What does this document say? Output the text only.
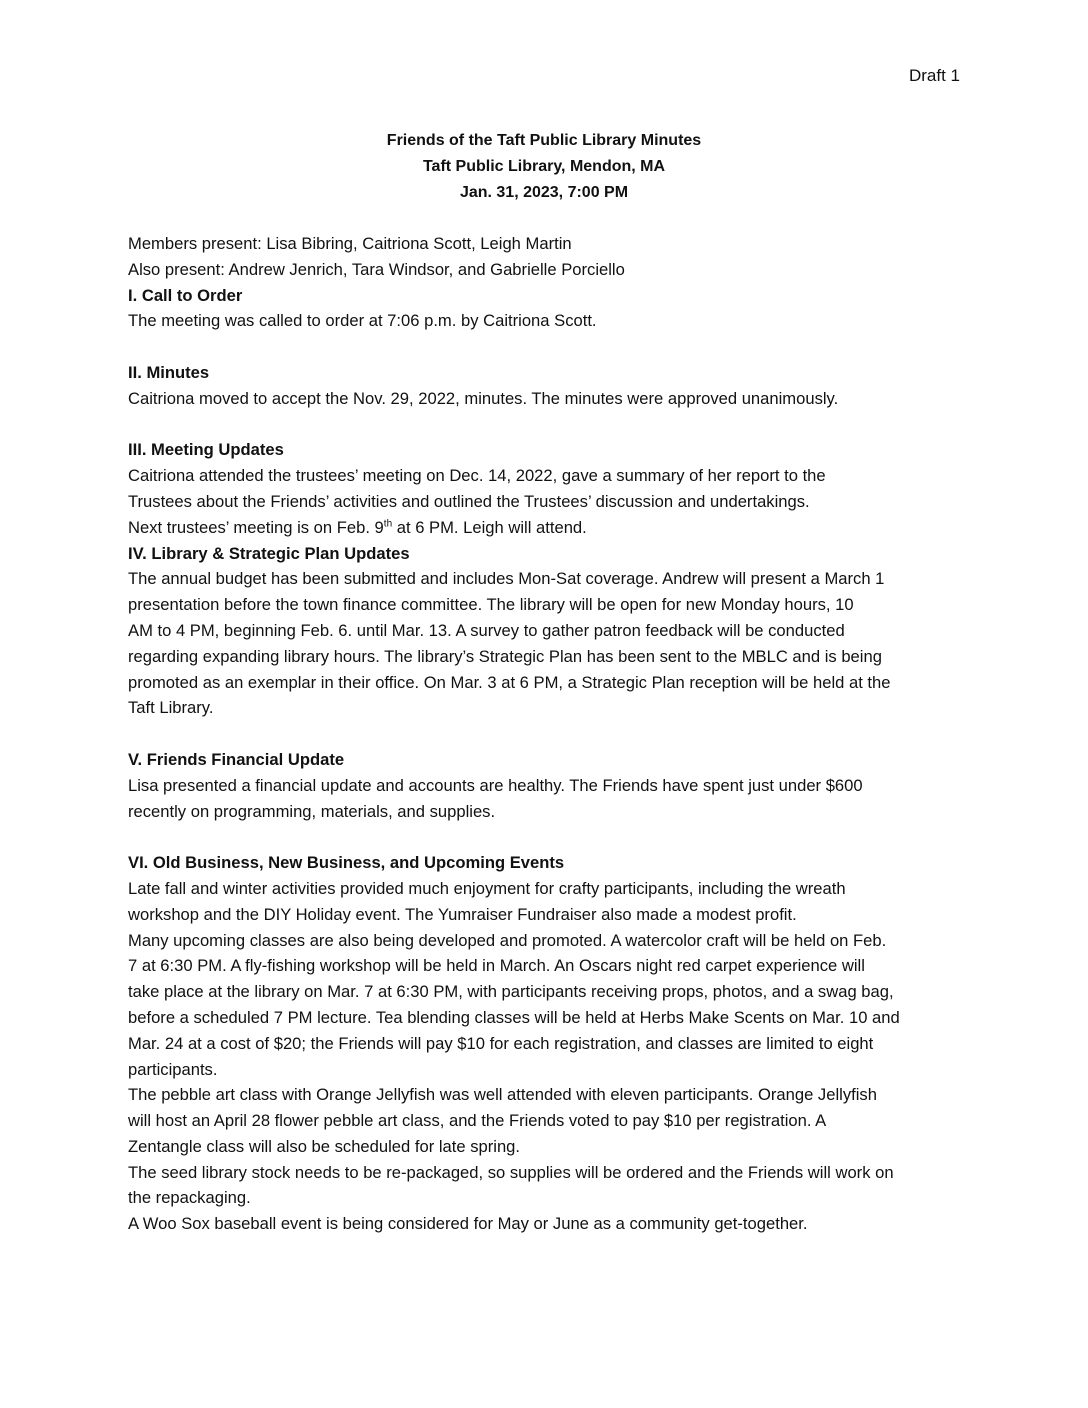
Draft 1
Friends of the Taft Public Library Minutes
Taft Public Library, Mendon, MA
Jan. 31, 2023, 7:00 PM
Members present: Lisa Bibring, Caitriona Scott, Leigh Martin
Also present: Andrew Jenrich, Tara Windsor, and Gabrielle Porciello
I. Call to Order
The meeting was called to order at 7:06 p.m. by Caitriona Scott.
II. Minutes
Caitriona moved to accept the Nov. 29, 2022, minutes. The minutes were approved unanimously.
III. Meeting Updates
Caitriona attended the trustees’ meeting on Dec. 14, 2022, gave a summary of her report to the
Trustees about the Friends’ activities and outlined the Trustees’ discussion and undertakings.
Next trustees’ meeting is on Feb. 9th at 6 PM. Leigh will attend.
IV. Library & Strategic Plan Updates
The annual budget has been submitted and includes Mon-Sat coverage. Andrew will present a March 1
presentation before the town finance committee. The library will be open for new Monday hours, 10
AM to 4 PM, beginning Feb. 6. until Mar. 13. A survey to gather patron feedback will be conducted
regarding expanding library hours. The library’s Strategic Plan has been sent to the MBLC and is being
promoted as an exemplar in their office. On Mar. 3 at 6 PM, a Strategic Plan reception will be held at the
Taft Library.
V. Friends Financial Update
Lisa presented a financial update and accounts are healthy. The Friends have spent just under $600
recently on programming, materials, and supplies.
VI. Old Business, New Business, and Upcoming Events
Late fall and winter activities provided much enjoyment for crafty participants, including the wreath
workshop and the DIY Holiday event. The Yumraiser Fundraiser also made a modest profit.
Many upcoming classes are also being developed and promoted. A watercolor craft will be held on Feb.
7 at 6:30 PM. A fly-fishing workshop will be held in March. An Oscars night red carpet experience will
take place at the library on Mar. 7 at 6:30 PM, with participants receiving props, photos, and a swag bag,
before a scheduled 7 PM lecture. Tea blending classes will be held at Herbs Make Scents on Mar. 10 and
Mar. 24 at a cost of $20; the Friends will pay $10 for each registration, and classes are limited to eight
participants.
The pebble art class with Orange Jellyfish was well attended with eleven participants. Orange Jellyfish
will host an April 28 flower pebble art class, and the Friends voted to pay $10 per registration. A
Zentangle class will also be scheduled for late spring.
The seed library stock needs to be re-packaged, so supplies will be ordered and the Friends will work on
the repackaging.
A Woo Sox baseball event is being considered for May or June as a community get-together.
